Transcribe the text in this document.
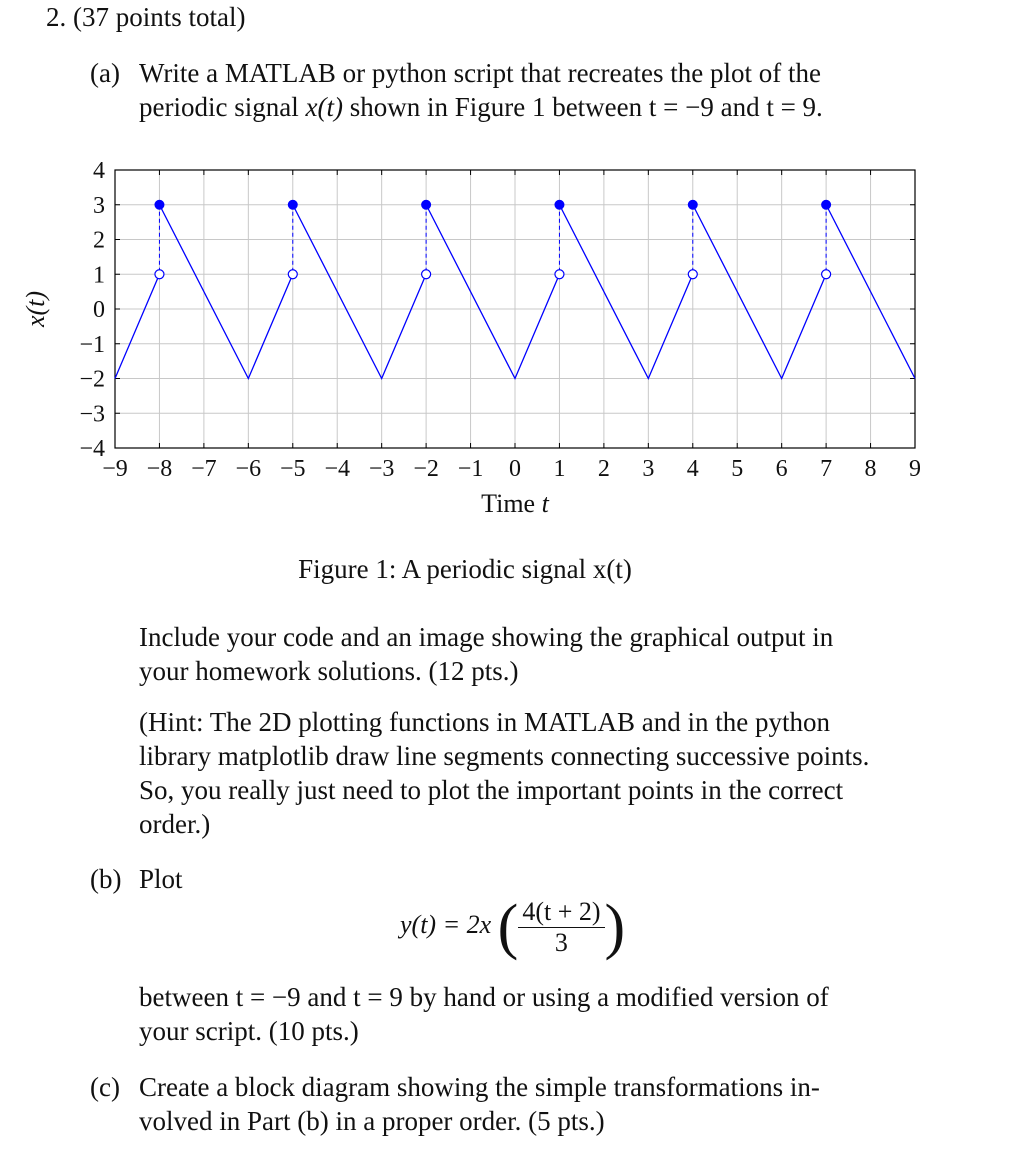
2. (37 points total)
(a) Write a MATLAB or python script that recreates the plot of the
periodic signal x(t) shown in Figure 1 between t = −9 and t = 9.
−9 −8 −7 −6 −5 −4 −3 −2 −1 0 1 2 3 4 5 6 7 8 9
4
3
2
1
0
−1
−2
−3
−4
Time t
x(t)
Figure 1: A periodic signal x(t)
Include your code and an image showing the graphical output in
your homework solutions. (12 pts.)
(Hint: The 2D plotting functions in MATLAB and in the python
library matplotlib draw line segments connecting successive points.
So, you really just need to plot the important points in the correct
order.)
(b) Plot
y(t) = 2x ( $\frac{4(t + 2)}{3}$ )
between t = −9 and t = 9 by hand or using a modified version of
your script. (10 pts.)
(c) Create a block diagram showing the simple transformations in-
volved in Part (b) in a proper order. (5 pts.)
